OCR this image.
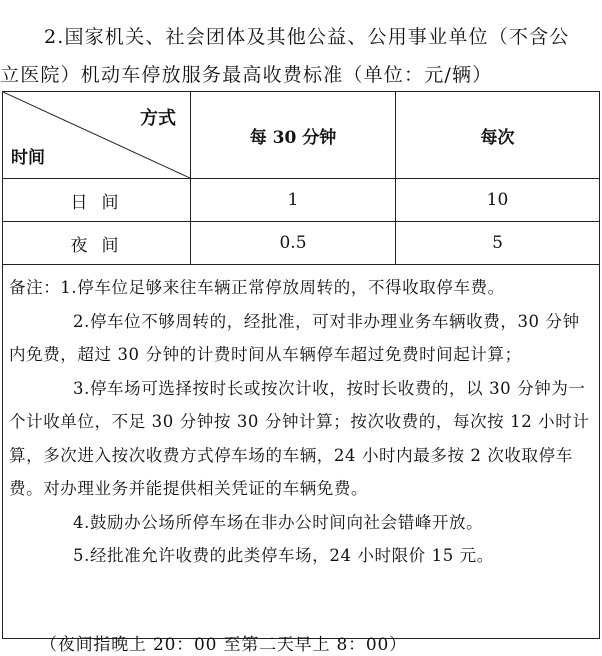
2.国家机关、社会团体及其他公益、公用事业单位（不含公
立医院）机动车停放服务最高收费标准（单位：元/辆）
方式
时间	每 30 分钟	每次
日间	1	10
夜间	0.5	5

备注：1.停车位足够来往车辆正常停放周转的，不得收取停车费。

2.停车位不够周转的，经批准，可对非办理业务车辆收费，30 分钟内免费，超过 30 分钟的计费时间从车辆停车超过免费时间起计算；

3.停车场可选择按时长或按次计收，按时长收费的，以 30 分钟为一个计收单位，不足 30 分钟按 30 分钟计算；按次收费的，每次按 12 小时计算，多次进入按次收费方式停车场的车辆，24 小时内最多按 2 次收取停车费。对办理业务并能提供相关凭证的车辆免费。

4.鼓励办公场所停车场在非办公时间向社会错峰开放。

5.经批准允许收费的此类停车场，24 小时限价 15 元。		

（夜间指晚上 20：00 至第二天早上 8：00）
